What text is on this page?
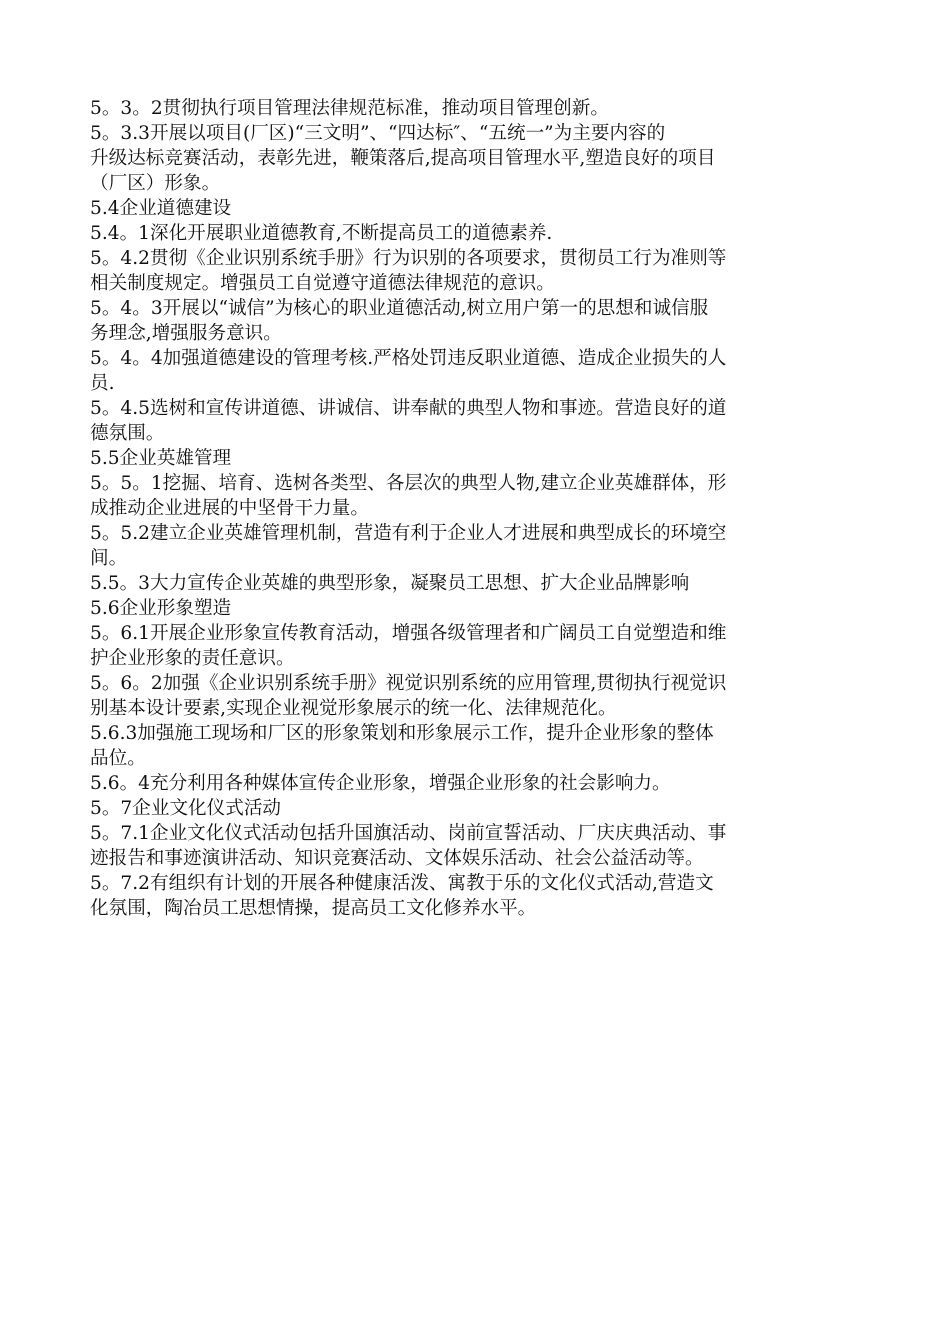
5。3。2贯彻执行项目管理法律规范标准，推动项目管理创新。
5。3.3开展以项目(厂区)“三文明”、“四达标″、“五统一”为主要内容的
升级达标竞赛活动，表彰先进，鞭策落后,提高项目管理水平,塑造良好的项目
（厂区）形象。
5.4企业道德建设
5.4。1深化开展职业道德教育,不断提高员工的道德素养.
5。4.2贯彻《企业识别系统手册》行为识别的各项要求，贯彻员工行为准则等
相关制度规定。增强员工自觉遵守道德法律规范的意识。
5。4。3开展以“诚信”为核心的职业道德活动,树立用户第一的思想和诚信服
务理念,增强服务意识。
5。4。4加强道德建设的管理考核.严格处罚违反职业道德、造成企业损失的人
员.
5。4.5选树和宣传讲道德、讲诚信、讲奉献的典型人物和事迹。营造良好的道
德氛围。
5.5企业英雄管理
5。5。1挖掘、培育、选树各类型、各层次的典型人物,建立企业英雄群体，形
成推动企业进展的中坚骨干力量。
5。5.2建立企业英雄管理机制，营造有利于企业人才进展和典型成长的环境空
间。
5.5。3大力宣传企业英雄的典型形象，凝聚员工思想、扩大企业品牌影响
5.6企业形象塑造
5。6.1开展企业形象宣传教育活动，增强各级管理者和广阔员工自觉塑造和维
护企业形象的责任意识。
5。6。2加强《企业识别系统手册》视觉识别系统的应用管理,贯彻执行视觉识
别基本设计要素,实现企业视觉形象展示的统一化、法律规范化。
5.6.3加强施工现场和厂区的形象策划和形象展示工作，提升企业形象的整体
品位。
5.6。4充分利用各种媒体宣传企业形象，增强企业形象的社会影响力。
5。7企业文化仪式活动
5。7.1企业文化仪式活动包括升国旗活动、岗前宣誓活动、厂庆庆典活动、事
迹报告和事迹演讲活动、知识竞赛活动、文体娱乐活动、社会公益活动等。
5。7.2有组织有计划的开展各种健康活泼、寓教于乐的文化仪式活动,营造文
化氛围，陶冶员工思想情操，提高员工文化修养水平。
